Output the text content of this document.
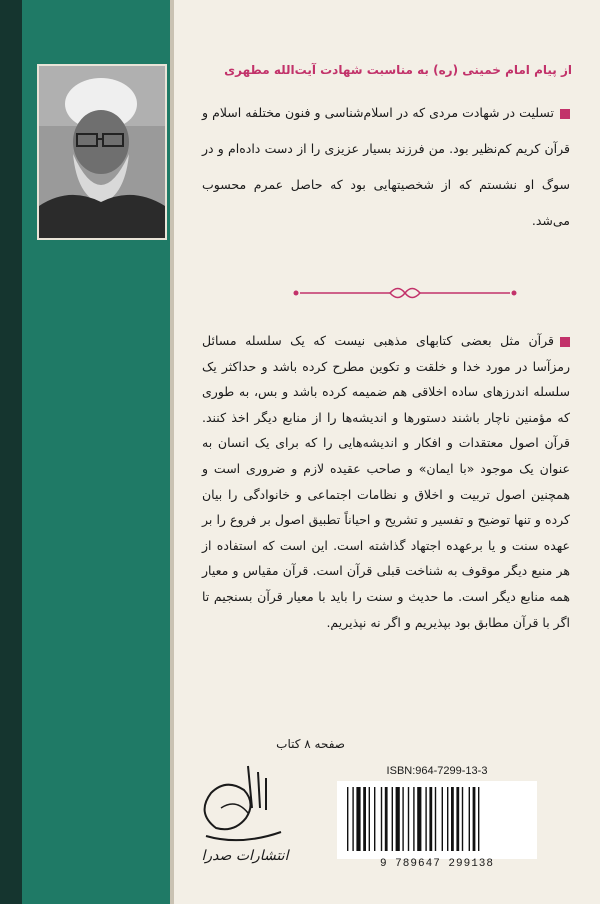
از پیام امام خمینی (ره) به مناسبت شهادت آیت‌الله مطهری
تسلیت در شهادت مردی که در اسلام‌شناسی و فنون مختلفه اسلام و قرآن کریم کم‌نظیر بود. من فرزند بسیار عزیزی را از دست داده‌ام و در سوگ او نشستم که از شخصیتهایی بود که حاصل عمرم محسوب می‌شد.
قرآن مثل بعضی کتابهای مذهبی نیست که یک سلسله مسائل رمزآسا در مورد خدا و خلقت و تکوین مطرح کرده باشد و حداکثر یک سلسله اندرزهای ساده اخلاقی هم ضمیمه کرده باشد و بس، به طوری که مؤمنین ناچار باشند دستورها و اندیشه‌ها را از منابع دیگر اخذ کنند. قرآن اصول معتقدات و افکار و اندیشه‌هایی را که برای یک انسان به عنوان یک موجود «با ایمان» و صاحب عقیده لازم و ضروری است و همچنین اصول تربیت و اخلاق و نظامات اجتماعی و خانوادگی را بیان کرده و تنها توضیح و تفسیر و تشریح و احیاناً تطبیق اصول بر فروع را بر عهده سنت و یا برعهده اجتهاد گذاشته است. این است که استفاده از هر منبع دیگر موقوف به شناخت قبلی قرآن است. قرآن مقیاس و معیار همه منابع دیگر است. ما حدیث و سنت را باید با معیار قرآن بسنجیم تا اگر با قرآن مطابق بود بپذیریم و اگر نه نپذیریم.
صفحه ۸ کتاب
انتشارات صدرا
ISBN:964-7299-13-3
9 789647 299138
